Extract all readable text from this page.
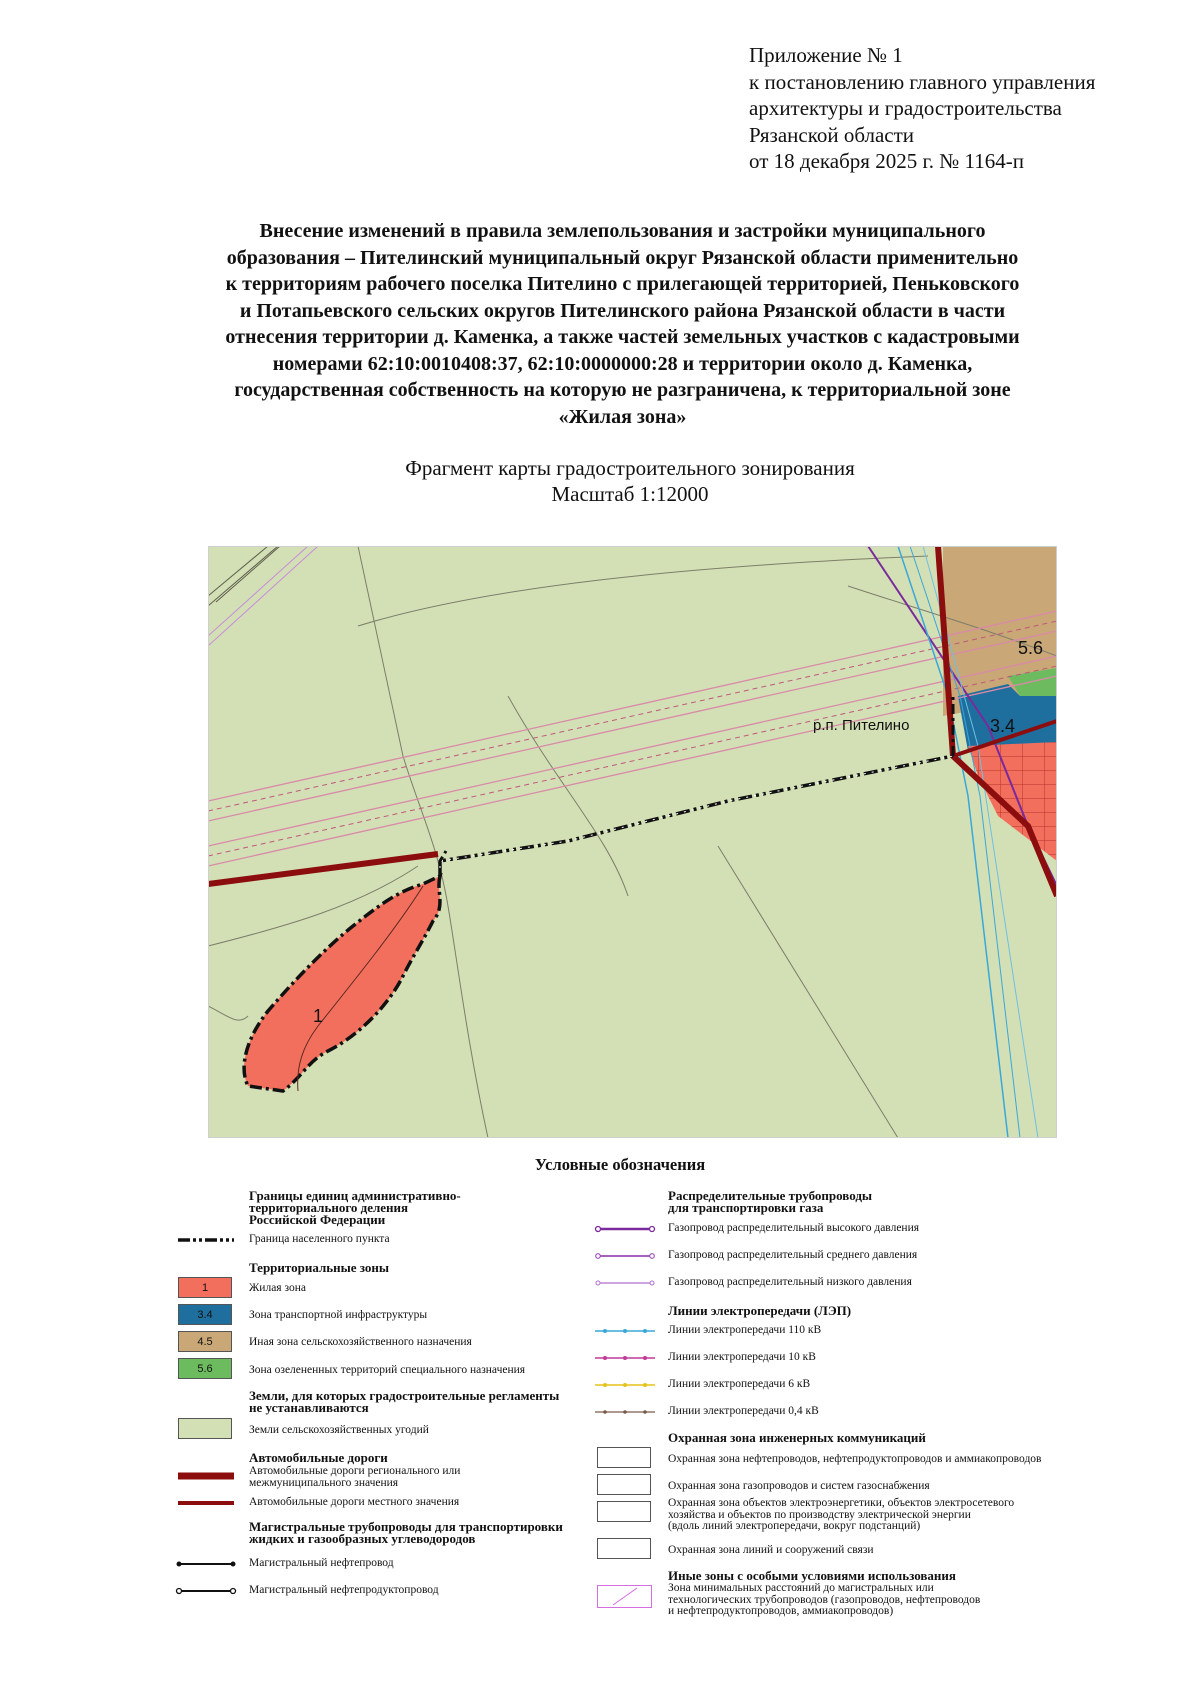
Приложение № 1
к постановлению главного управления
архитектуры и градостроительства
Рязанской области
от 18 декабря 2025 г. № 1164-п
Внесение изменений в правила землепользования и застройки муниципального
образования – Пителинский муниципальный округ Рязанской области применительно
к территориям рабочего поселка Пителино с прилегающей территорией, Пеньковского
и Потапьевского сельских округов Пителинского района Рязанской области в части
отнесения территории д. Каменка, а также частей земельных участков с кадастровыми
номерами 62:10:0010408:37, 62:10:0000000:28 и территории около д. Каменка,
государственная собственность на которую не разграничена, к территориальной зоне
«Жилая зона»
Фрагмент карты градостроительного зонирования
Масштаб 1:12000
5.6
3.4
р.п. Пителино
1
Условные обозначения
Границы единиц административно-
территориального деления
Российской Федерации
Граница населенного пункта
Территориальные зоны
1	Жилая зона
3.4	Зона транспортной инфраструктуры
4.5	Иная зона сельскохозяйственного назначения
5.6	Зона озелененных территорий специального назначения
Земли, для которых градостроительные регламенты
не устанавливаются
Земли сельскохозяйственных угодий
Автомобильные дороги
Автомобильные дороги регионального или
межмуниципального значения
Автомобильные дороги местного значения
Магистральные трубопроводы для транспортировки
жидких и газообразных углеводородов
Магистральный нефтепровод
Магистральный нефтепродуктопровод
Распределительные трубопроводы
для транспортировки газа
Газопровод распределительный высокого давления
Газопровод распределительный среднего давления
Газопровод распределительный низкого давления
Линии электропередачи (ЛЭП)
Линии электропередачи 110 кВ
Линии электропередачи 10 кВ
Линии электропередачи 6 кВ
Линии электропередачи 0,4 кВ
Охранная зона инженерных коммуникаций
Охранная зона нефтепроводов, нефтепродуктопроводов и аммиакопроводов
Охранная зона газопроводов и систем газоснабжения
Охранная зона объектов электроэнергетики, объектов электросетевого
хозяйства и объектов по производству электрической энергии
(вдоль линий электропередачи, вокруг подстанций)
Охранная зона линий и сооружений связи
Иные зоны с особыми условиями использования
Зона минимальных расстояний до магистральных или
технологических трубопроводов (газопроводов, нефтепроводов
и нефтепродуктопроводов, аммиакопроводов)
